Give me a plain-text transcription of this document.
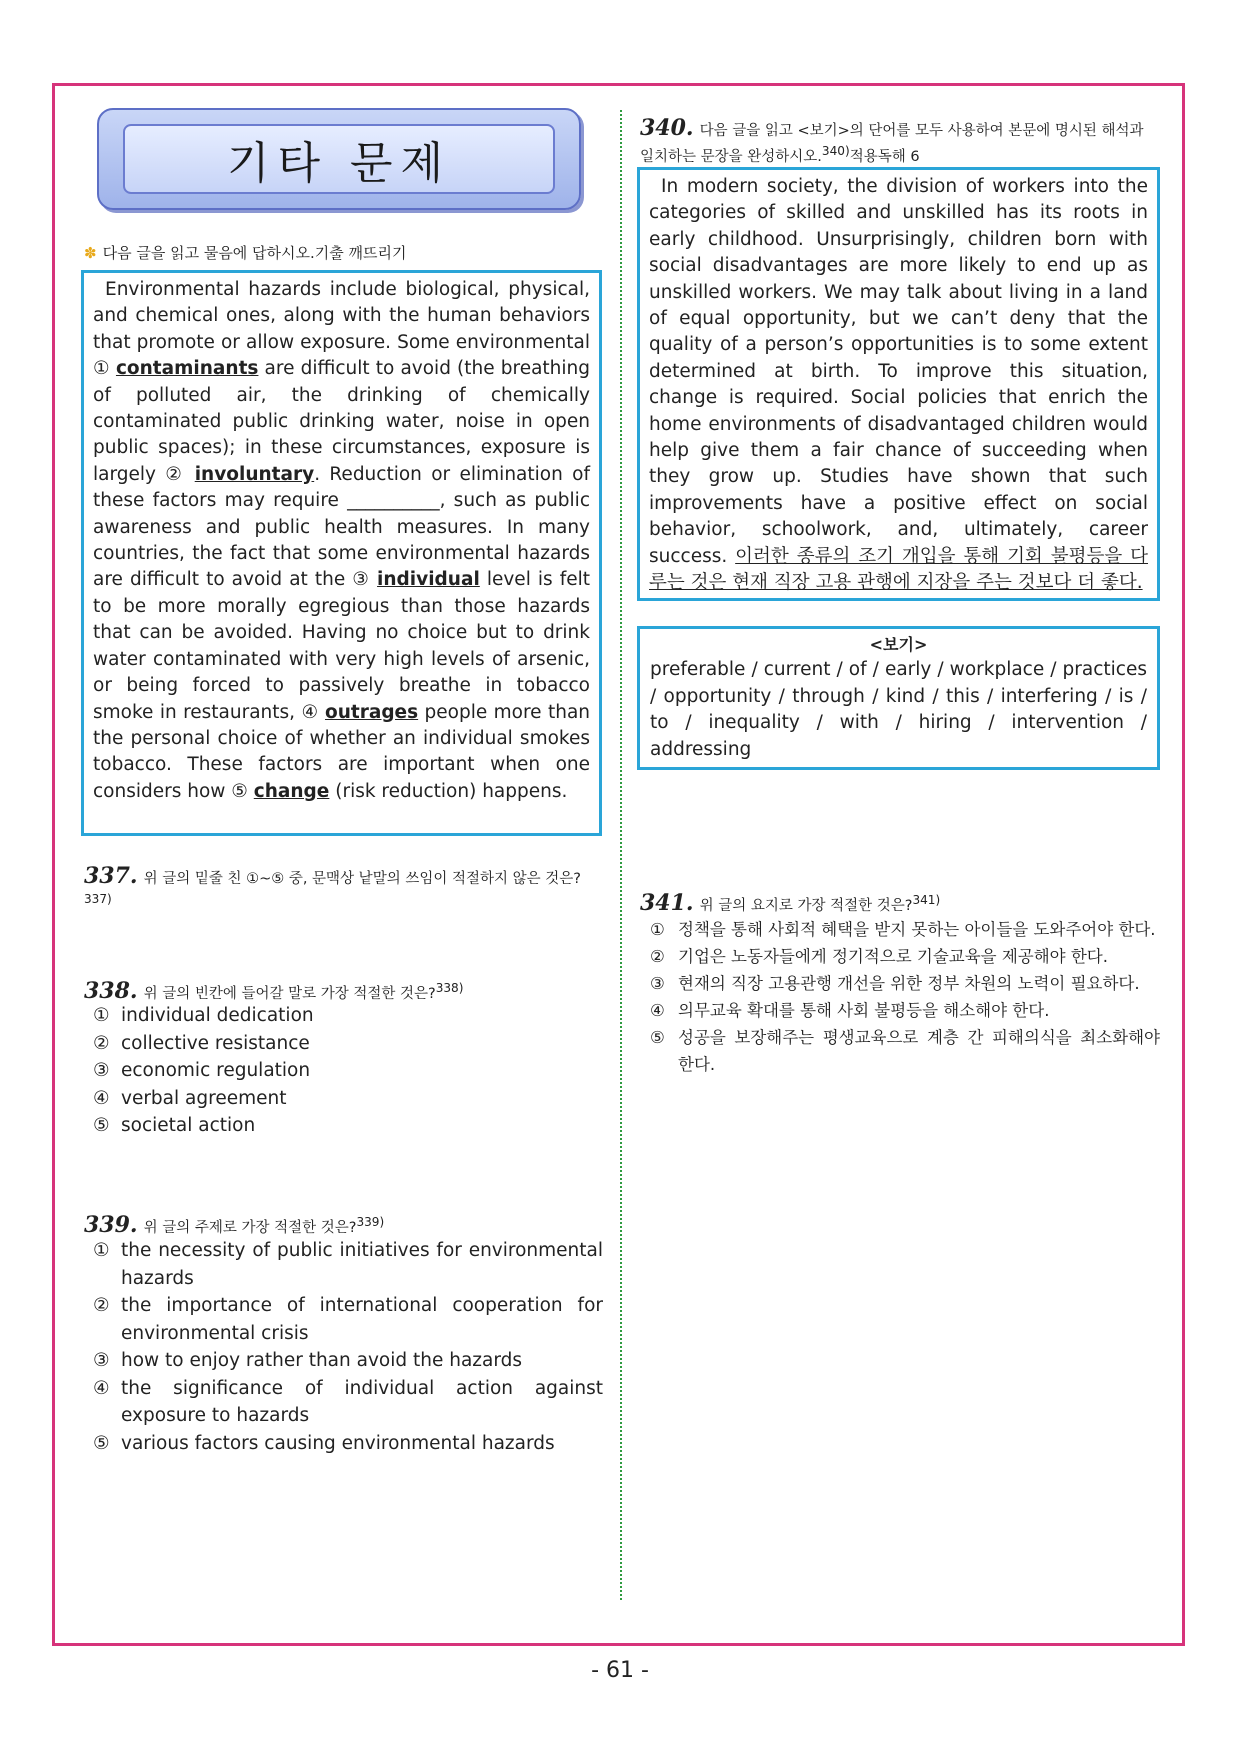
기타 문제
✽ 다음 글을 읽고 물음에 답하시오.기출 깨뜨리기

Environmental hazards include biological, physical, and chemical ones, along with the human behaviors that promote or allow exposure. Some environmental ① contaminants are difficult to avoid (the breathing of polluted air, the drinking of chemically contaminated public drinking water, noise in open public spaces); in these circumstances, exposure is largely ② involuntary. Reduction or elimination of these factors may require __________, such as public awareness and public health measures. In many countries, the fact that some environmental hazards are difficult to avoid at the ③ individual level is felt to be more morally egregious than those hazards that can be avoided. Having no choice but to drink water contaminated with very high levels of arsenic, or being forced to passively breathe in tobacco smoke in restaurants, ④ outrages people more than the personal choice of whether an individual smokes tobacco. These factors are important when one considers how ⑤ change (risk reduction) happens.

337. 위 글의 밑줄 친 ①~⑤ 중, 문맥상 낱말의 쓰임이 적절하지 않은 것은?$^{337)}$
338. 위 글의 빈칸에 들어갈 말로 가장 적절한 것은?$^{338)}$
① individual dedication
② collective resistance
③ economic regulation
④ verbal agreement
⑤ societal action
339. 위 글의 주제로 가장 적절한 것은?$^{339)}$
① the necessity of public initiatives for environmental hazards
② the importance of international cooperation for environmental crisis
③ how to enjoy rather than avoid the hazards
④ the significance of individual action against exposure to hazards
⑤ various factors causing environmental hazards
340. 다음 글을 읽고 <보기>의 단어를 모두 사용하여 본문에 명시된 해석과 일치하는 문장을 완성하시오.$^{340)}$적용독해 6

In modern society, the division of workers into the categories of skilled and unskilled has its roots in early childhood. Unsurprisingly, children born with social disadvantages are more likely to end up as unskilled workers. We may talk about living in a land of equal opportunity, but we can’t deny that the quality of a person’s opportunities is to some extent determined at birth. To improve this situation, change is required. Social policies that enrich the home environments of disadvantaged children would help give them a fair chance of succeeding when they grow up. Studies have shown that such improvements have a positive effect on social behavior, schoolwork, and, ultimately, career success. 이러한 종류의 조기 개입을 통해 기회 불평등을 다루는 것은 현재 직장 고용 관행에 지장을 주는 것보다 더 좋다.

<보기>
preferable / current / of / early / workplace / practices / opportunity / through / kind / this / interfering / is / to / inequality / with / hiring / intervention / addressing
341. 위 글의 요지로 가장 적절한 것은?$^{341)}$
① 정책을 통해 사회적 혜택을 받지 못하는 아이들을 도와주어야 한다.
② 기업은 노동자들에게 정기적으로 기술교육을 제공해야 한다.
③ 현재의 직장 고용관행 개선을 위한 정부 차원의 노력이 필요하다.
④ 의무교육 확대를 통해 사회 불평등을 해소해야 한다.
⑤ 성공을 보장해주는 평생교육으로 계층 간 피해의식을 최소화해야 한다.
- 61 -
